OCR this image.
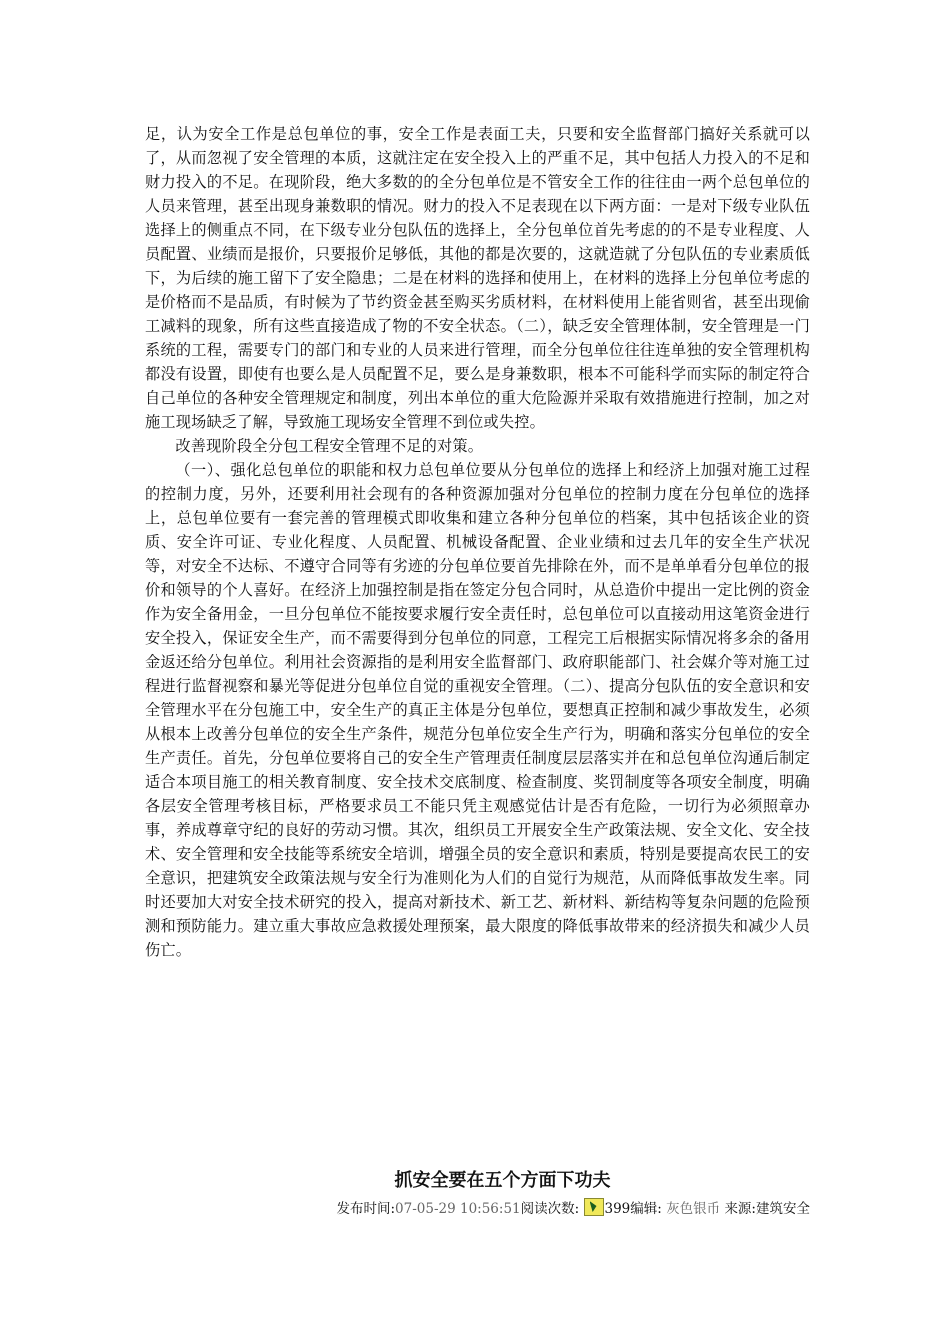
足，认为安全工作是总包单位的事，安全工作是表面工夫，只要和安全监督部门搞好关系就可以了，从而忽视了安全管理的本质，这就注定在安全投入上的严重不足，其中包括人力投入的不足和财力投入的不足。在现阶段，绝大多数的的全分包单位是不管安全工作的往往由一两个总包单位的人员来管理，甚至出现身兼数职的情况。财力的投入不足表现在以下两方面：一是对下级专业队伍选择上的侧重点不同，在下级专业分包队伍的选择上，全分包单位首先考虑的的不是专业程度、人员配置、业绩而是报价，只要报价足够低，其他的都是次要的，这就造就了分包队伍的专业素质低下，为后续的施工留下了安全隐患；二是在材料的选择和使用上，在材料的选择上分包单位考虑的是价格而不是品质，有时候为了节约资金甚至购买劣质材料，在材料使用上能省则省，甚至出现偷工减料的现象，所有这些直接造成了物的不安全状态。（二），缺乏安全管理体制，安全管理是一门系统的工程，需要专门的部门和专业的人员来进行管理，而全分包单位往往连单独的安全管理机构都没有设置，即使有也要么是人员配置不足，要么是身兼数职，根本不可能科学而实际的制定符合自己单位的各种安全管理规定和制度，列出本单位的重大危险源并采取有效措施进行控制，加之对施工现场缺乏了解，导致施工现场安全管理不到位或失控。

改善现阶段全分包工程安全管理不足的对策。

（一）、强化总包单位的职能和权力总包单位要从分包单位的选择上和经济上加强对施工过程的控制力度，另外，还要利用社会现有的各种资源加强对分包单位的控制力度在分包单位的选择上，总包单位要有一套完善的管理模式即收集和建立各种分包单位的档案，其中包括该企业的资质、安全许可证、专业化程度、人员配置、机械设备配置、企业业绩和过去几年的安全生产状况等，对安全不达标、不遵守合同等有劣迹的分包单位要首先排除在外，而不是单单看分包单位的报价和领导的个人喜好。在经济上加强控制是指在签定分包合同时，从总造价中提出一定比例的资金作为安全备用金，一旦分包单位不能按要求履行安全责任时，总包单位可以直接动用这笔资金进行安全投入，保证安全生产，而不需要得到分包单位的同意，工程完工后根据实际情况将多余的备用金返还给分包单位。利用社会资源指的是利用安全监督部门、政府职能部门、社会媒介等对施工过程进行监督视察和暴光等促进分包单位自觉的重视安全管理。（二）、提高分包队伍的安全意识和安全管理水平在分包施工中，安全生产的真正主体是分包单位，要想真正控制和减少事故发生，必须从根本上改善分包单位的安全生产条件，规范分包单位安全生产行为，明确和落实分包单位的安全生产责任。首先，分包单位要将自己的安全生产管理责任制度层层落实并在和总包单位沟通后制定适合本项目施工的相关教育制度、安全技术交底制度、检查制度、奖罚制度等各项安全制度，明确各层安全管理考核目标，严格要求员工不能只凭主观感觉估计是否有危险，一切行为必须照章办事，养成尊章守纪的良好的劳动习惯。其次，组织员工开展安全生产政策法规、安全文化、安全技术、安全管理和安全技能等系统安全培训，增强全员的安全意识和素质，特别是要提高农民工的安全意识，把建筑安全政策法规与安全行为准则化为人们的自觉行为规范，从而降低事故发生率。同时还要加大对安全技术研究的投入，提高对新技术、新工艺、新材料、新结构等复杂问题的危险预测和预防能力。建立重大事故应急救援处理预案，最大限度的降低事故带来的经济损失和减少人员伤亡。

抓安全要在五个方面下功夫
发布时间:07-05-29 10:56:51阅读次数: 399编辑: 灰色银币 来源:建筑安全
